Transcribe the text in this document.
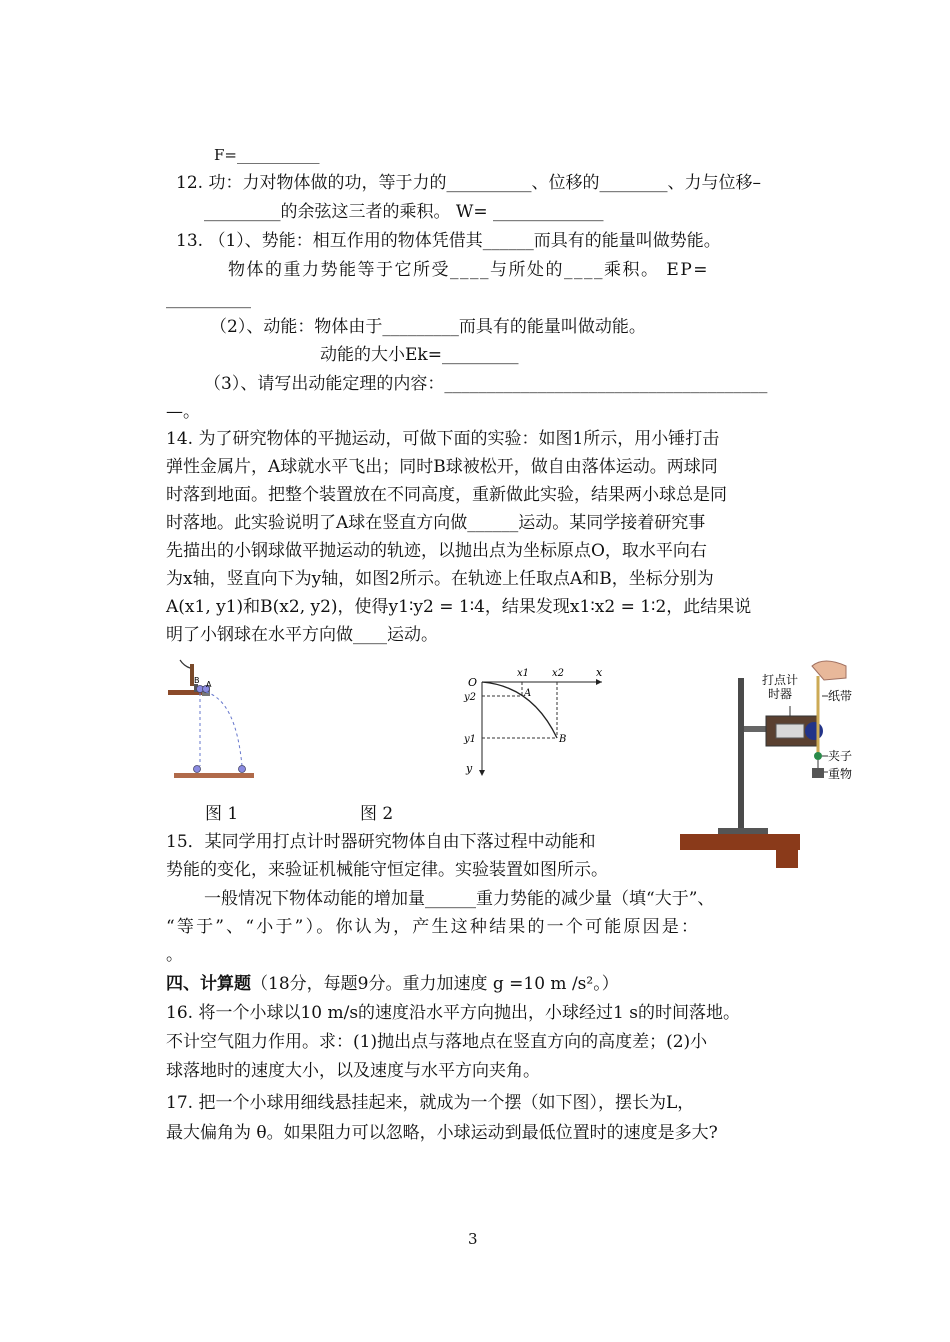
F=___________
12. 功：力对物体做的功，等于力的__________、位移的________、力与位移–
_________的余弦这三者的乘积。 W= _____________
13. （1）、势能：相互作用的物体凭借其______而具有的能量叫做势能。
物体的重力势能等于它所受____与所处的____乘积。 EP=
__________
（2）、动能：物体由于_________而具有的能量叫做动能。
动能的大小Ek=_________
（3）、请写出动能定理的内容：______________________________________
—。
14. 为了研究物体的平抛运动，可做下面的实验：如图1所示，用小锤打击
弹性金属片，A球就水平飞出；同时B球被松开，做自由落体运动。两球同
时落到地面。把整个装置放在不同高度，重新做此实验，结果两小球总是同
时落地。此实验说明了A球在竖直方向做______运动。某同学接着研究事
先描出的小钢球做平抛运动的轨迹，以抛出点为坐标原点O，取水平向右
为x轴，竖直向下为y轴，如图2所示。在轨迹上任取点A和B，坐标分别为
A(x1, y1)和B(x2, y2)，使得y1∶y2 = 1∶4，结果发现x1∶x2 = 1∶2，此结果说
明了小钢球在水平方向做____运动。
B A	O
x1 x2	x
y2
y1
y
A
B
图 1	图 2
打点计
时器	纸带
夹子
重物
15．某同学用打点计时器研究物体自由下落过程中动能和
势能的变化，来验证机械能守恒定律。实验装置如图所示。
一般情况下物体动能的增加量______重力势能的减少量（填“大于”、
“等于”、“小于”）。你认为，产生这种结果的一个可能原因是：
。
四、计算题（18分，每题9分。重力加速度 g =10 m /s²。）
16. 将一个小球以10 m/s的速度沿水平方向抛出，小球经过1 s的时间落地。
不计空气阻力作用。求：(1)抛出点与落地点在竖直方向的高度差；(2)小
球落地时的速度大小，以及速度与水平方向夹角。
17. 把一个小球用细线悬挂起来，就成为一个摆（如下图），摆长为L，
最大偏角为 θ。如果阻力可以忽略，小球运动到最低位置时的速度是多大?
3
